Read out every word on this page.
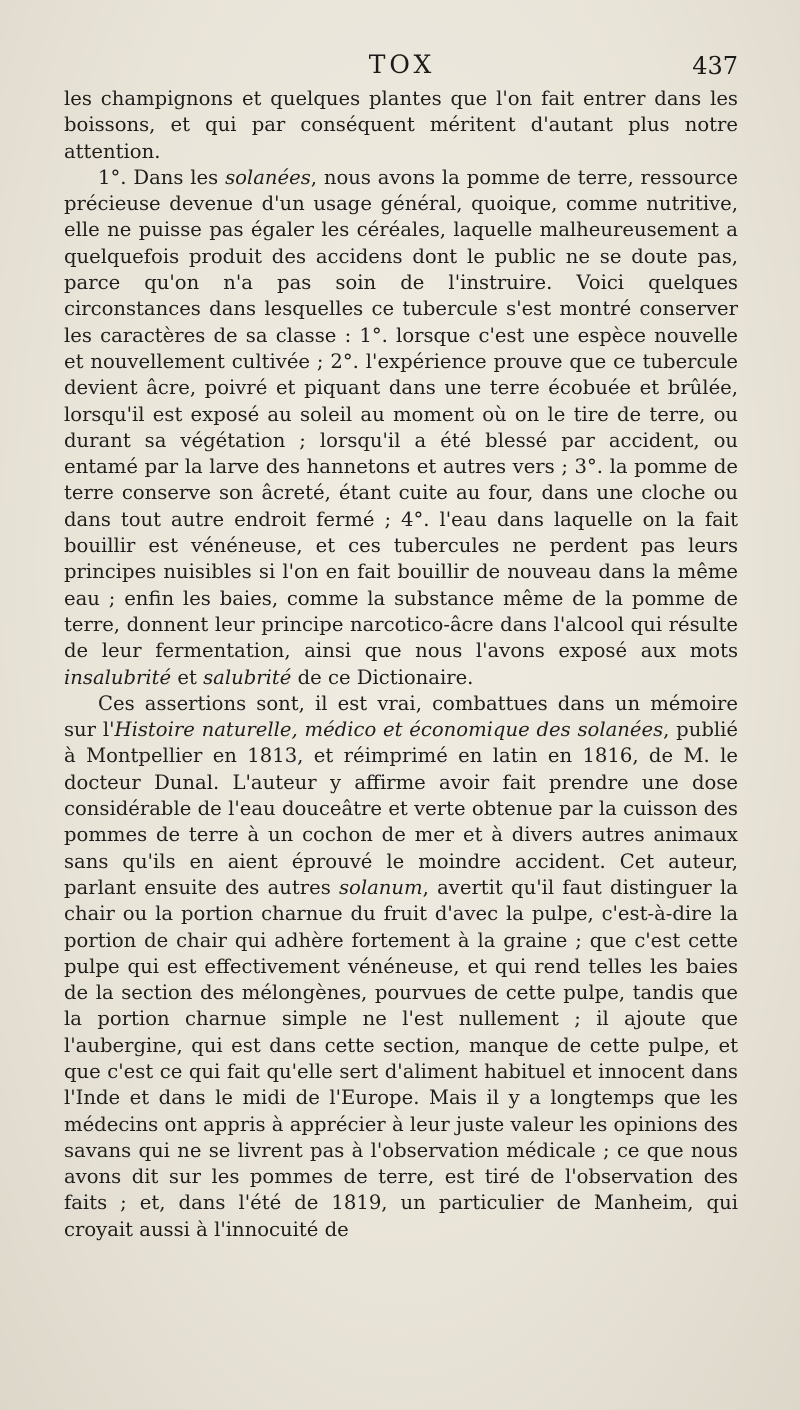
TOX	437

les champignons et quelques plantes que l'on fait entrer dans les boissons, et qui par conséquent méritent d'autant plus notre attention.

1°. Dans les solanées, nous avons la pomme de terre, ressource précieuse devenue d'un usage général, quoique, comme nutritive, elle ne puisse pas égaler les céréales, laquelle malheureusement a quelquefois produit des accidens dont le public ne se doute pas, parce qu'on n'a pas soin de l'instruire. Voici quelques circonstances dans lesquelles ce tubercule s'est montré conserver les caractères de sa classe : 1°. lorsque c'est une espèce nouvelle et nouvellement cultivée ; 2°. l'expérience prouve que ce tubercule devient âcre, poivré et piquant dans une terre écobuée et brûlée, lorsqu'il est exposé au soleil au moment où on le tire de terre, ou durant sa végétation ; lorsqu'il a été blessé par accident, ou entamé par la larve des hannetons et autres vers ; 3°. la pomme de terre conserve son âcreté, étant cuite au four, dans une cloche ou dans tout autre endroit fermé ; 4°. l'eau dans laquelle on la fait bouillir est vénéneuse, et ces tubercules ne perdent pas leurs principes nuisibles si l'on en fait bouillir de nouveau dans la même eau ; enfin les baies, comme la substance même de la pomme de terre, donnent leur principe narcotico-âcre dans l'alcool qui résulte de leur fermentation, ainsi que nous l'avons exposé aux mots insalubrité et salubrité de ce Dictionaire.

Ces assertions sont, il est vrai, combattues dans un mémoire sur l'Histoire naturelle, médico et économique des solanées, publié à Montpellier en 1813, et réimprimé en latin en 1816, de M. le docteur Dunal. L'auteur y affirme avoir fait prendre une dose considérable de l'eau douceâtre et verte obtenue par la cuisson des pommes de terre à un cochon de mer et à divers autres animaux sans qu'ils en aient éprouvé le moindre accident. Cet auteur, parlant ensuite des autres solanum, avertit qu'il faut distinguer la chair ou la portion charnue du fruit d'avec la pulpe, c'est-à-dire la portion de chair qui adhère fortement à la graine ; que c'est cette pulpe qui est effectivement vénéneuse, et qui rend telles les baies de la section des mélongènes, pourvues de cette pulpe, tandis que la portion charnue simple ne l'est nullement ; il ajoute que l'aubergine, qui est dans cette section, manque de cette pulpe, et que c'est ce qui fait qu'elle sert d'aliment habituel et innocent dans l'Inde et dans le midi de l'Europe. Mais il y a longtemps que les médecins ont appris à apprécier à leur juste valeur les opinions des savans qui ne se livrent pas à l'observation médicale ; ce que nous avons dit sur les pommes de terre, est tiré de l'observation des faits ; et, dans l'été de 1819, un particulier de Manheim, qui croyait aussi à l'innocuité de
